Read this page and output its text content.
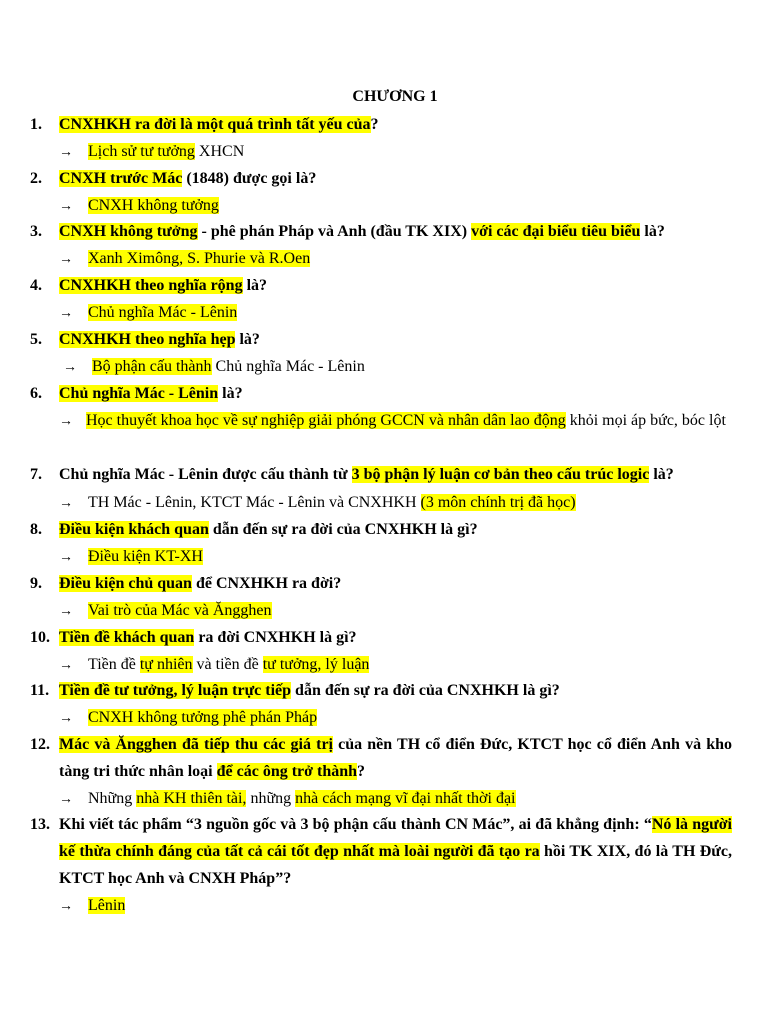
CHƯƠNG 1
1.	CNXHKH ra đời là một quá trình tất yếu của?
→ Lịch sử tư tưởng XHCN
2.	CNXH trước Mác (1848) được gọi là?
→ CNXH không tưởng
3.	CNXH không tưởng - phê phán Pháp và Anh (đầu TK XIX) với các đại biểu tiêu biểu là?
→ Xanh Ximông, S. Phurie và R.Oen
4.	CNXHKH theo nghĩa rộng là?
→ Chủ nghĩa Mác - Lênin
5.	CNXHKH theo nghĩa hẹp là?
→ Bộ phận cấu thành Chủ nghĩa Mác - Lênin
6.	Chủ nghĩa Mác - Lênin là?
→ Học thuyết khoa học về sự nghiệp giải phóng GCCN và nhân dân lao động khỏi mọi áp bức, bóc lột
7.	Chủ nghĩa Mác - Lênin được cấu thành từ 3 bộ phận lý luận cơ bản theo cấu trúc logic là?
→ TH Mác - Lênin, KTCT Mác - Lênin và CNXHKH (3 môn chính trị đã học)
8.	Điều kiện khách quan dẫn đến sự ra đời của CNXHKH là gì?
→ Điều kiện KT-XH
9.	Điều kiện chủ quan để CNXHKH ra đời?
→ Vai trò của Mác và Ăngghen
10. Tiền đề khách quan ra đời CNXHKH là gì?
→ Tiền đề tự nhiên và tiền đề tư tưởng, lý luận
11. Tiền đề tư tưởng, lý luận trực tiếp dẫn đến sự ra đời của CNXHKH là gì?
→ CNXH không tưởng phê phán Pháp
12. Mác và Ăngghen đã tiếp thu các giá trị của nền TH cổ điển Đức, KTCT học cổ điển Anh và kho tàng tri thức nhân loại để các ông trở thành?
→ Những nhà KH thiên tài, những nhà cách mạng vĩ đại nhất thời đại
13. Khi viết tác phẩm “3 nguồn gốc và 3 bộ phận cấu thành CN Mác”, ai đã khẳng định: “Nó là người kế thừa chính đáng của tất cả cái tốt đẹp nhất mà loài người đã tạo ra hồi TK XIX, đó là TH Đức, KTCT học Anh và CNXH Pháp”?
→ Lênin
